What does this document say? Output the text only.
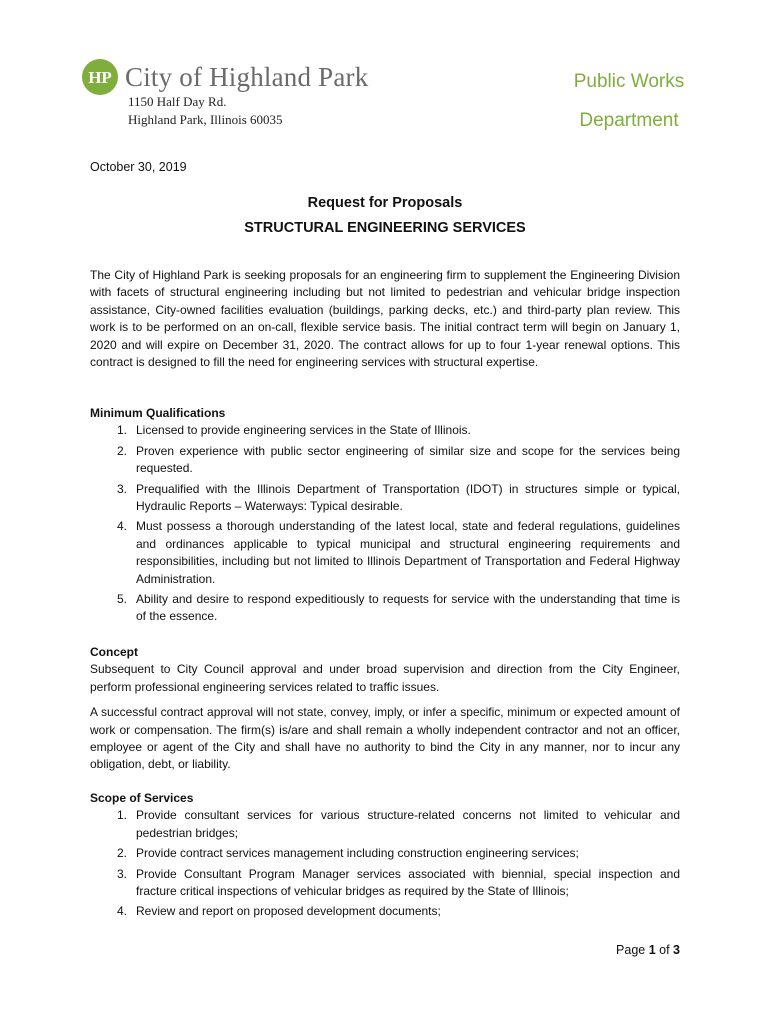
HP City of Highland Park
1150 Half Day Rd.
Highland Park, Illinois 60035
Public Works
Department
October 30, 2019
Request for Proposals
STRUCTURAL ENGINEERING SERVICES

The City of Highland Park is seeking proposals for an engineering firm to supplement the Engineering Division with facets of structural engineering including but not limited to pedestrian and vehicular bridge inspection assistance, City-owned facilities evaluation (buildings, parking decks, etc.) and third-party plan review. This work is to be performed on an on-call, flexible service basis. The initial contract term will begin on January 1, 2020 and will expire on December 31, 2020. The contract allows for up to four 1-year renewal options. This contract is designed to fill the need for engineering services with structural expertise.

Minimum Qualifications
1. Licensed to provide engineering services in the State of Illinois.
2. Proven experience with public sector engineering of similar size and scope for the services being requested.
3. Prequalified with the Illinois Department of Transportation (IDOT) in structures simple or typical, Hydraulic Reports – Waterways: Typical desirable.
4. Must possess a thorough understanding of the latest local, state and federal regulations, guidelines and ordinances applicable to typical municipal and structural engineering requirements and responsibilities, including but not limited to Illinois Department of Transportation and Federal Highway Administration.
5. Ability and desire to respond expeditiously to requests for service with the understanding that time is of the essence.
Concept

Subsequent to City Council approval and under broad supervision and direction from the City Engineer, perform professional engineering services related to traffic issues.

A successful contract approval will not state, convey, imply, or infer a specific, minimum or expected amount of work or compensation. The firm(s) is/are and shall remain a wholly independent contractor and not an officer, employee or agent of the City and shall have no authority to bind the City in any manner, nor to incur any obligation, debt, or liability.

Scope of Services
1. Provide consultant services for various structure-related concerns not limited to vehicular and pedestrian bridges;
2. Provide contract services management including construction engineering services;
3. Provide Consultant Program Manager services associated with biennial, special inspection and fracture critical inspections of vehicular bridges as required by the State of Illinois;
4. Review and report on proposed development documents;
Page 1 of 3
